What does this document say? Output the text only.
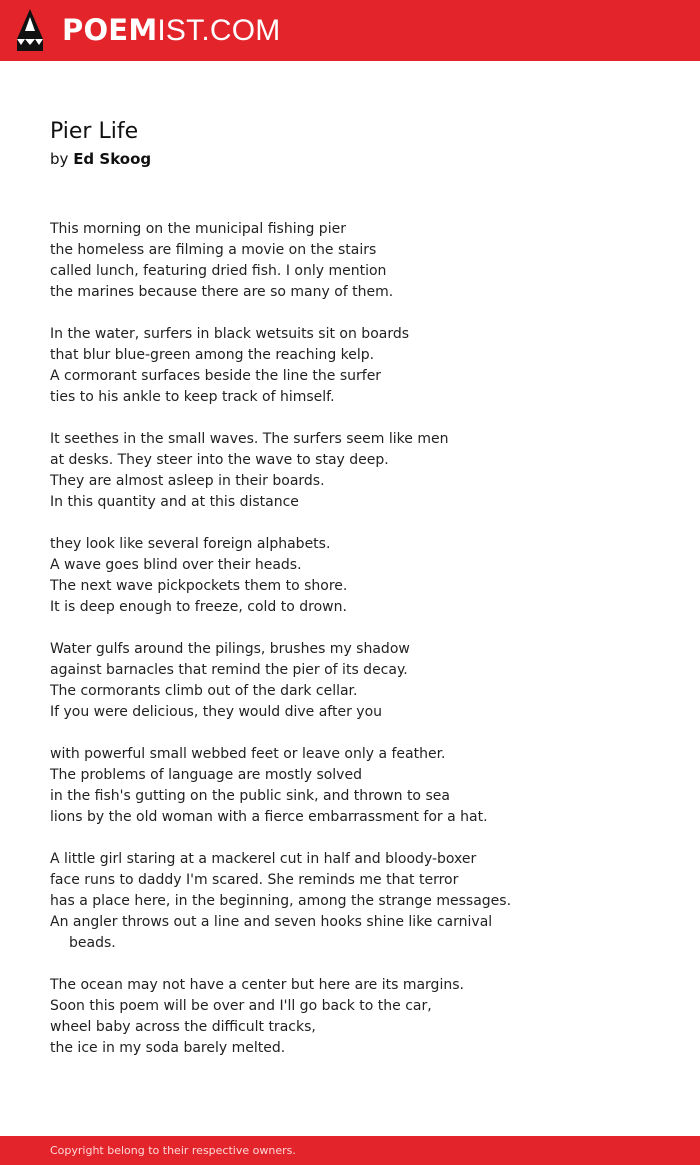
POEMIST.COM
Pier Life
by Ed Skoog
This morning on the municipal fishing pier
the homeless are filming a movie on the stairs
called lunch, featuring dried fish. I only mention
the marines because there are so many of them.
In the water, surfers in black wetsuits sit on boards
that blur blue-green among the reaching kelp.
A cormorant surfaces beside the line the surfer
ties to his ankle to keep track of himself.
It seethes in the small waves. The surfers seem like men
at desks. They steer into the wave to stay deep.
They are almost asleep in their boards.
In this quantity and at this distance
they look like several foreign alphabets.
A wave goes blind over their heads.
The next wave pickpockets them to shore.
It is deep enough to freeze, cold to drown.
Water gulfs around the pilings, brushes my shadow
against barnacles that remind the pier of its decay.
The cormorants climb out of the dark cellar.
If you were delicious, they would dive after you
with powerful small webbed feet or leave only a feather.
The problems of language are mostly solved
in the fish's gutting on the public sink, and thrown to sea
lions by the old woman with a fierce embarrassment for a hat.
A little girl staring at a mackerel cut in half and bloody-boxer
face runs to daddy I'm scared. She reminds me that terror
has a place here, in the beginning, among the strange messages.
An angler throws out a line and seven hooks shine like carnival
beads.
The ocean may not have a center but here are its margins.
Soon this poem will be over and I'll go back to the car,
wheel baby across the difficult tracks,
the ice in my soda barely melted.
Copyright belong to their respective owners.
